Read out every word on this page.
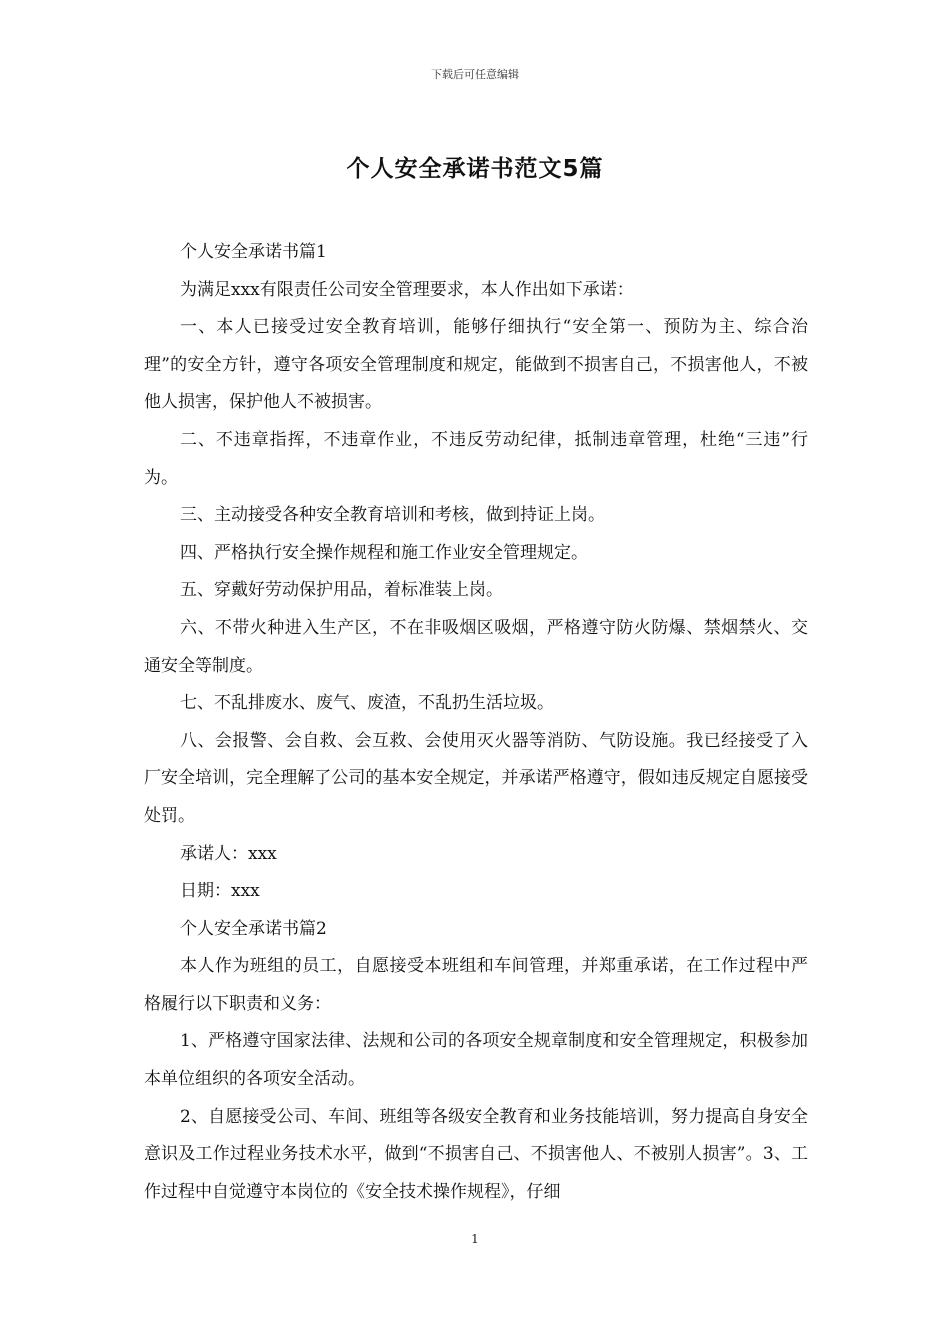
下载后可任意编辑
个人安全承诺书范文5篇

个人安全承诺书篇1

为满足xxx有限责任公司安全管理要求，本人作出如下承诺：

一、本人已接受过安全教育培训，能够仔细执行“安全第一、预防为主、综合治理”的安全方针，遵守各项安全管理制度和规定，能做到不损害自己，不损害他人，不被他人损害，保护他人不被损害。

二、不违章指挥，不违章作业，不违反劳动纪律，抵制违章管理，杜绝“三违”行为。

三、主动接受各种安全教育培训和考核，做到持证上岗。

四、严格执行安全操作规程和施工作业安全管理规定。

五、穿戴好劳动保护用品，着标准装上岗。

六、不带火种进入生产区，不在非吸烟区吸烟，严格遵守防火防爆、禁烟禁火、交通安全等制度。

七、不乱排废水、废气、废渣，不乱扔生活垃圾。

八、会报警、会自救、会互救、会使用灭火器等消防、气防设施。我已经接受了入厂安全培训，完全理解了公司的基本安全规定，并承诺严格遵守，假如违反规定自愿接受处罚。

承诺人：xxx

日期：xxx

个人安全承诺书篇2

本人作为班组的员工，自愿接受本班组和车间管理，并郑重承诺，在工作过程中严格履行以下职责和义务：

1、严格遵守国家法律、法规和公司的各项安全规章制度和安全管理规定，积极参加本单位组织的各项安全活动。

2、自愿接受公司、车间、班组等各级安全教育和业务技能培训，努力提高自身安全意识及工作过程业务技术水平，做到“不损害自己、不损害他人、不被别人损害”。3、工作过程中自觉遵守本岗位的《安全技术操作规程》，仔细

1
